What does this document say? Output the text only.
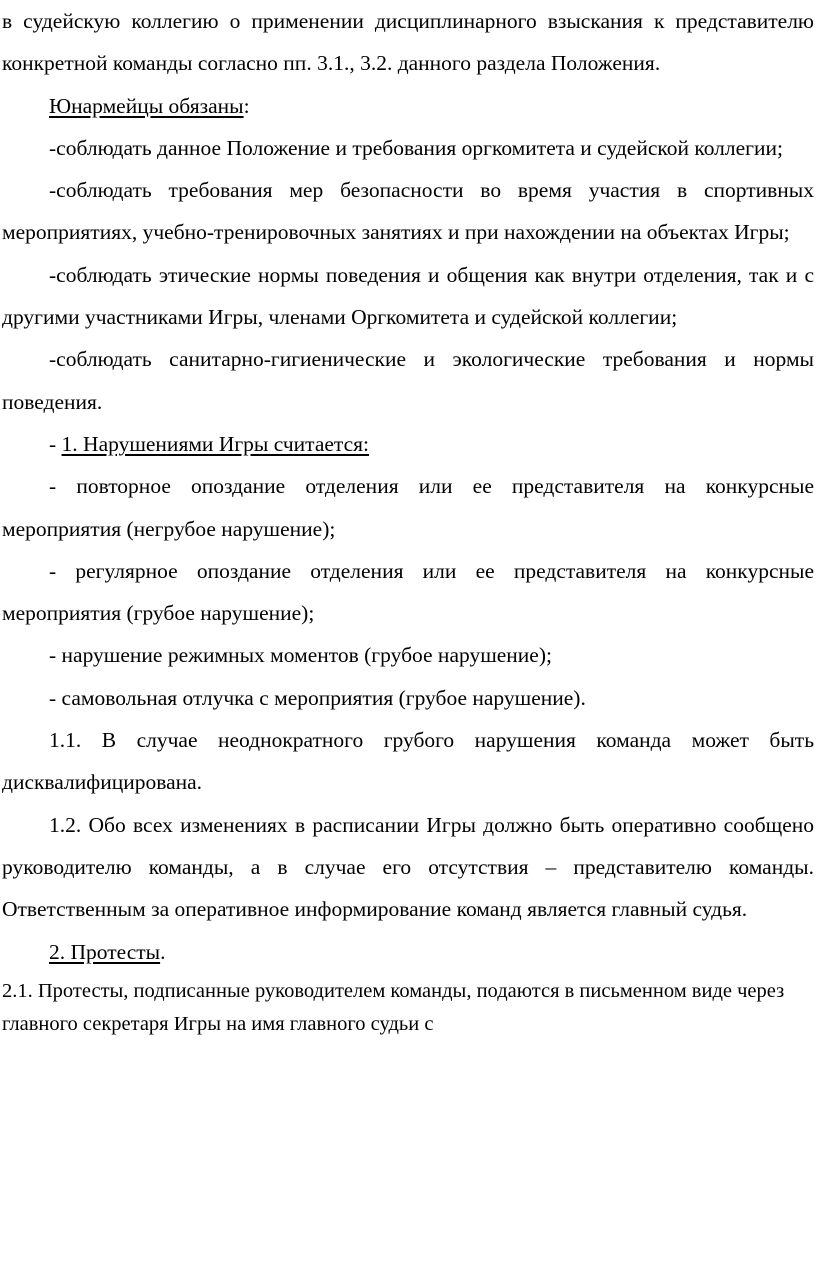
в судейскую коллегию о применении дисциплинарного взыскания к представителю конкретной команды согласно пп. 3.1., 3.2. данного раздела Положения.

Юнармейцы обязаны:

-соблюдать данное Положение и требования оргкомитета и судейской коллегии;

-соблюдать требования мер безопасности во время участия в спортивных мероприятиях, учебно-тренировочных занятиях и при нахождении на объектах Игры;

-соблюдать этические нормы поведения и общения как внутри отделения, так и с другими участниками Игры, членами Оргкомитета и судейской коллегии;

-соблюдать санитарно-гигиенические и экологические требования и нормы поведения.

- 1. Нарушениями Игры считается:

- повторное опоздание отделения или ее представителя на конкурсные мероприятия (негрубое нарушение);

- регулярное опоздание отделения или ее представителя на конкурсные мероприятия (грубое нарушение);

- нарушение режимных моментов (грубое нарушение);

- самовольная отлучка с мероприятия (грубое нарушение).

1.1. В случае неоднократного грубого нарушения команда может быть дисквалифицирована.

1.2. Обо всех изменениях в расписании Игры должно быть оперативно сообщено руководителю команды, а в случае его отсутствия – представителю команды. Ответственным за оперативное информирование команд является главный судья.

2. Протесты.

2.1. Протесты, подписанные руководителем команды, подаются в письменном виде через главного секретаря Игры на имя главного судьи с
